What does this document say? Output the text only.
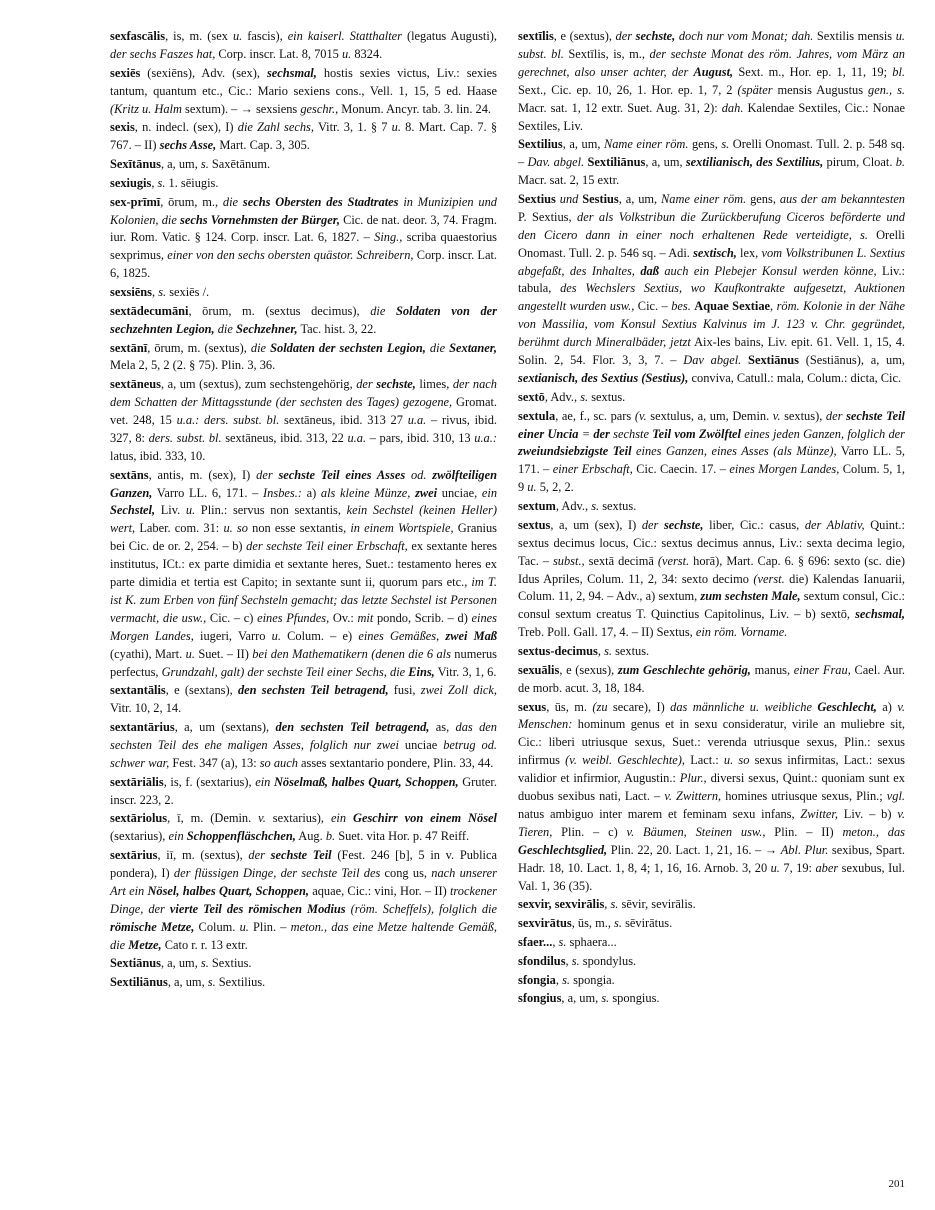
sexfascālis, is, m. (sex u. fascis), ein kaiserl. Statthalter (legatus Augusti), der sechs Faszes hat, Corp. inscr. Lat. 8, 7015 u. 8324.
sexiēs (sexiēns), Adv. (sex), sechsmal, hostis sexies victus, Liv.: sexies tantum, quantum etc., Cic.: Mario sexiens cons., Vell. 1, 15, 5 ed. Haase (Kritz u. Halm sextum). – → sexsiens geschr., Monum. Ancyr. tab. 3. lin. 24.
sexis, n. indecl. (sex), I) die Zahl sechs, Vitr. 3, 1. § 7 u. 8. Mart. Cap. 7. § 767. – II) sechs Asse, Mart. Cap. 3, 305.
Sexītānus, a, um, s. Saxētānum.
sexiugis, s. 1. sēiugis.
sex-prīmī, ōrum, m., die sechs Obersten des Stadtrates in Munizipien und Kolonien, die sechs Vornehmsten der Bürger, Cic. de nat. deor. 3, 74. Fragm. iur. Rom. Vatic. § 124. Corp. inscr. Lat. 6, 1827. – Sing., scriba quaestorius sexprimus, einer von den sechs obersten quästor. Schreibern, Corp. inscr. Lat. 6, 1825.
sexsiēns, s. sexiēs /.
sextādecumāni, ōrum, m. (sextus decimus), die Soldaten von der sechzehnten Legion, die Sechzehner, Tac. hist. 3, 22.
sextānī, ōrum, m. (sextus), die Soldaten der sechsten Legion, die Sextaner, Mela 2, 5, 2 (2. § 75). Plin. 3, 36.
sextāneus, a, um (sextus), zum sechstengehörig, der sechste, limes, der nach dem Schatten der Mittagsstunde (der sechsten des Tages) gezogene, Gromat. vet. 248, 15 u.a.: ders. subst. bl. sextāneus, ibid. 313 27 u.a. – rivus, ibid. 327, 8: ders. subst. bl. sextāneus, ibid. 313, 22 u.a. – pars, ibid. 310, 13 u.a.: latus, ibid. 333, 10.
sextāns, antis, m. (sex), I) der sechste Teil eines Asses od. zwölfteiligen Ganzen, Varro LL. 6, 171. – Insbes.: a) als kleine Münze, zwei unciae, ein Sechstel, Liv. u. Plin.: servus non sextantis, kein Sechstel (keinen Heller) wert, Laber. com. 31: u. so non esse sextantis, in einem Wortspiele, Granius bei Cic. de or. 2, 254. – b) der sechste Teil einer Erbschaft, ex sextante heres institutus, ICt.: ex parte dimidia et sextante heres, Suet.: testamento heres ex parte dimidia et tertia est Capito; in sextante sunt ii, quorum pars etc., im T. ist K. zum Erben von fünf Sechsteln gemacht; das letzte Sechstel ist Personen vermacht, die usw., Cic. – c) eines Pfundes, Ov.: mit pondo, Scrib. – d) eines Morgen Landes, iugeri, Varro u. Colum. – e) eines Gemäßes, zwei Maß (cyathi), Mart. u. Suet. – II) bei den Mathematikern (denen die 6 als numerus perfectus, Grundzahl, galt) der sechste Teil einer Sechs, die Eins, Vitr. 3, 1, 6.
sextantālis, e (sextans), den sechsten Teil betragend, fusi, zwei Zoll dick, Vitr. 10, 2, 14.
sextantārius, a, um (sextans), den sechsten Teil betragend, as, das den sechsten Teil des ehe maligen Asses, folglich nur zwei unciae betrug od. schwer war, Fest. 347 (a), 13: so auch asses sextantario pondere, Plin. 33, 44.
sextāriālis, is, f. (sextarius), ein Nöselmaß, halbes Quart, Schoppen, Gruter. inscr. 223, 2.
sextāriolus, ī, m. (Demin. v. sextarius), ein Geschirr von einem Nösel (sextarius), ein Schoppenfläschchen, Aug. b. Suet. vita Hor. p. 47 Reiff.
sextārius, iī, m. (sextus), der sechste Teil (Fest. 246 [b], 5 in v. Publica pondera), I) der flüssigen Dinge, der sechste Teil des cong us, nach unserer Art ein Nösel, halbes Quart, Schoppen, aquae, Cic.: vini, Hor. – II) trockener Dinge, der vierte Teil des römischen Modius (röm. Scheffels), folglich die römische Metze, Colum. u. Plin. – meton., das eine Metze haltende Gemäß, die Metze, Cato r. r. 13 extr.
Sextiānus, a, um, s. Sextius.
Sextiliānus, a, um, s. Sextilius.
sextīlis, e (sextus), der sechste, doch nur vom Monat; dah. Sextilis mensis u. subst. bl. Sextīlis, is, m., der sechste Monat des röm. Jahres, vom März an gerechnet, also unser achter, der August, Sext. m., Hor. ep. 1, 11, 19; bl. Sext., Cic. ep. 10, 26, 1. Hor. ep. 1, 7, 2 (später mensis Augustus gen., s. Macr. sat. 1, 12 extr. Suet. Aug. 31, 2): dah. Kalendae Sextiles, Cic.: Nonae Sextiles, Liv.
Sextilius, a, um, Name einer röm. gens, s. Orelli Onomast. Tull. 2. p. 548 sq. – Dav. abgel. Sextiliānus, a, um, sextilianisch, des Sextilius, pirum, Cloat. b. Macr. sat. 2, 15 extr.
Sextius und Sestius, a, um, Name einer röm. gens, aus der am bekanntesten P. Sextius, der als Volkstribun die Zurückberufung Ciceros beförderte und den Cicero dann in einer noch erhaltenen Rede verteidigte, s. Orelli Onomast. Tull. 2. p. 546 sq. – Adi. sextisch, lex, vom Volkstribunen L. Sextius abgefaßt, des Inhaltes, daß auch ein Plebejer Konsul werden könne, Liv.: tabula, des Wechslers Sextius, wo Kaufkontrakte aufgesetzt, Auktionen angestellt wurden usw., Cic. – bes. Aquae Sextiae, röm. Kolonie in der Nähe von Massilia, vom Konsul Sextius Kalvinus im J. 123 v. Chr. gegründet, berühmt durch Mineralbäder, jetzt Aix-les bains, Liv. epit. 61. Vell. 1, 15, 4. Solin. 2, 54. Flor. 3, 3, 7. – Dav abgel. Sextiānus (Sestiānus), a, um, sextianisch, des Sextius (Sestius), conviva, Catull.: mala, Colum.: dicta, Cic.
sextō, Adv., s. sextus.
sextula, ae, f., sc. pars (v. sextulus, a, um, Demin. v. sextus), der sechste Teil einer Uncia = der sechste Teil vom Zwölftel eines jeden Ganzen, folglich der zweiundsiebzigste Teil eines Ganzen, eines Asses (als Münze), Varro LL. 5, 171. – einer Erbschaft, Cic. Caecin. 17. – eines Morgen Landes, Colum. 5, 1, 9 u. 5, 2, 2.
sextum, Adv., s. sextus.
sextus, a, um (sex), I) der sechste, liber, Cic.: casus, der Ablativ, Quint.: sextus decimus locus, Cic.: sextus decimus annus, Liv.: sexta decima legio, Tac. – subst., sextā decimā (verst. horā), Mart. Cap. 6. § 696: sexto (sc. die) Idus Apriles, Colum. 11, 2, 34: sexto decimo (verst. die) Kalendas Ianuarii, Colum. 11, 2, 94. – Adv., a) sextum, zum sechsten Male, sextum consul, Cic.: consul sextum creatus T. Quinctius Capitolinus, Liv. – b) sextō, sechsmal, Treb. Poll. Gall. 17, 4. – II) Sextus, ein röm. Vorname.
sextus-decimus, s. sextus.
sexuālis, e (sexus), zum Geschlechte gehörig, manus, einer Frau, Cael. Aur. de morb. acut. 3, 18, 184.
sexus, ūs, m. (zu secare), I) das männliche u. weibliche Geschlecht, a) v. Menschen: hominum genus et in sexu consideratur, virile an muliebre sit, Cic.: liberi utriusque sexus, Suet.: verenda utriusque sexus, Plin.: sexus infirmus (v. weibl. Geschlechte), Lact.: u. so sexus infirmitas, Lact.: sexus validior et infirmior, Augustin.: Plur., diversi sexus, Quint.: quoniam sunt ex duobus sexibus nati, Lact. – v. Zwittern, homines utriusque sexus, Plin.; vgl. natus ambiguo inter marem et feminam sexu infans, Zwitter, Liv. – b) v. Tieren, Plin. – c) v. Bäumen, Steinen usw., Plin. – II) meton., das Geschlechtsglied, Plin. 22, 20. Lact. 1, 21, 16. – → Abl. Plur. sexibus, Spart. Hadr. 18, 10. Lact. 1, 8, 4; 1, 16, 16. Arnob. 3, 20 u. 7, 19: aber sexubus, Iul. Val. 1, 36 (35).
sexvir, sexvirālis, s. sēvir, sevirālis.
sexvirātus, ūs, m., s. sēvirātus.
sfaer..., s. sphaera...
sfondilus, s. spondylus.
sfongia, s. spongia.
sfongius, a, um, s. spongius.
201
